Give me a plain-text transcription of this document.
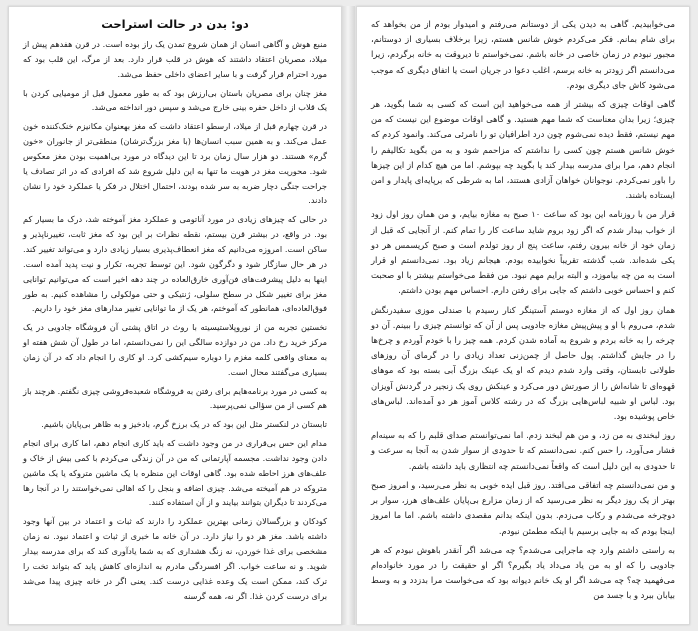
دو: بدن در حالت استراحت

منبع هوش و آگاهی انسان از همان شروع تمدن یک راز بوده است. در قرن هفدهم پیش از میلاد، مصریان اعتقاد داشتند که هوش در قلب قرار دارد. بعد از مرگ، این قلب بود که مورد احترام قرار گرفت و با سایر اعضای داخلی حفظ می‌شد.

مغز چنان برای مصریان باستان بی‌ارزش بود که به طور معمول قبل از مومیایی کردن با یک قلاب از داخل حفره بینی خارج می‌شد و سپس دور انداخته می‌شد.

در قرن چهارم قبل از میلاد، ارسطو اعتقاد داشت که مغز بهعنوان مکانیزم خنک‌کننده خون عمل می‌کند. و به همین سبب انسان‌ها (با مغز بزرگ‌ترشان) منطقی‌تر از جانوران «خون گرم» هستند. دو هزار سال زمان برد تا این دیدگاه در مورد بی‌اهمیت بودن مغز معکوس شود. محوریت مغز در هویت ما تنها به این دلیل شروع شد که افرادی که در اثر تصادف یا جراحت جنگی دچار ضربه به سر شده بودند، احتمال اختلال در فکر یا عملکرد خود را نشان دادند.

در حالی که چیزهای زیادی در مورد آناتومی و عملکرد مغز آموخته شد، درک ما بسیار کم بود. در واقع، در بیشتر قرن بیستم، نقطه نظرات بر این بود که مغز ثابت، تغییرناپذیر و ساکن است. امروزه می‌دانیم که مغز انعطاف‌پذیری بسیار زیادی دارد و می‌تواند تغییر کند. در هر حال سازگار شود و دگرگون شود. این توسط تجربه، تکرار و نیت پدید آمده است. اینها به دلیل پیشرفت‌های فن‌آوری خارق‌العاده در چند دهه اخیر است که می‌توانیم توانایی مغز برای تغییر شکل در سطح سلولی، ژنتیکی و حتی مولکولی را مشاهده کنیم. به طور فوق‌العاده‌ای، همانطور که آموختم، هر یک از ما توانایی تغییر مدارهای مغز خود را داریم.

نخستین تجربه من از نوروپلاستیسیته با روث در اتاق پشتی آن فروشگاه جادویی در یک مرکز خرید رخ داد. من در دوازده سالگی این را نمی‌دانستم، اما در طول آن شش هفته او به معنای واقعی کلمه مغزم را دوباره سیم‌کشی کرد. او کاری را انجام داد که در آن زمان بسیاری می‌گفتند محال است.

به کسی در مورد برنامه‌هایم برای رفتن به فروشگاه شعبده‌فروشی چیزی نگفتم. هرچند باز هم کسی از من سؤالی نمی‌پرسید.

تابستان در لنکستر مثل این بود که در یک برزخ گرم، بادخیز و به ظاهر بی‌پایان باشیم.

مدام این حس بی‌قراری در من وجود داشت که باید کاری انجام دهم، اما کاری برای انجام دادن وجود نداشت. مجسمه آپارتمانی که من در آن زندگی می‌کردم با کمی بیش از خاک و علف‌های هرز احاطه شده بود. گاهی اوقات این منظره با یک ماشین متروکه یا یک ماشین متروکه در هم آمیخته می‌شد. چیزی اضافه و بنجل را که اهالی نمی‌خواستند را در آنجا رها می‌کردند تا دیگران بتوانند بیایند و از آن استفاده کنند.

کودکان و بزرگسالان زمانی بهترین عملکرد را دارند که ثبات و اعتماد در بین آنها وجود داشته باشد. مغز هر دو را نیاز دارد. در آن خانه ما خبری از ثبات و اعتماد نبود. نه زمان مشخصی برای غذا خوردن، نه زنگ هشداری که به شما یادآوری کند که برای مدرسه بیدار شوید. و نه ساعت خواب. اگر افسردگی مادرم به اندازه‌ای کاهش یابد که بتواند تخت را ترک کند، ممکن است یک وعده غذایی درست کند. یعنی اگر در خانه چیزی پیدا می‌شد برای درست کردن غذا. اگر نه، همه گرسنه

می‌خوابیدیم. گاهی به دیدن یکی از دوستانم می‌رفتم و امیدوار بودم از من بخواهد که برای شام بمانم. فکر می‌کردم خوش شانس هستم، زیرا برخلاف بسیاری از دوستانم، مجبور نبودم در زمان خاصی در خانه باشم. نمی‌خواستم تا دیروقت به خانه برگردم، زیرا می‌دانستم اگر زودتر به خانه برسم، اغلب دعوا در جریان است یا اتفاق دیگری که موجب می‌شود کاش جای دیگری بودم.

گاهی اوقات چیزی که بیشتر از همه می‌خواهید این است که کسی به شما بگوید، هر چیزی؛ زیرا بدان معناست که شما مهم هستید. و گاهی اوقات موضوع این نیست که من مهم نیستم، فقط دیده نمی‌شوم چون درد اطرافیان تو را نامرئی می‌کند. وانمود کردم که خوش شانس هستم چون کسی را نداشتم که مزاحمم شود و به من بگوید تکالیفم را انجام دهم، مرا برای مدرسه بیدار کند یا بگوید چه بپوشم. اما من هیچ کدام از این چیزها را باور نمی‌کردم. نوجوانان خواهان آزادی هستند، اما به شرطی که برپایه‌ای پایدار و امن ایستاده باشند.

قرار من با روزنامه این بود که ساعت ۱۰ صبح به مغازه بیایم، و من همان روز اول زود از خواب بیدار شدم که اگر زود بروم شاید ساعت کار را تمام کنم. از آنجایی که قبل از زمان خود از خانه بیرون رفتم، ساعت پنج از روز تولدم است و صبح کریسمس هر دو یکی شده‌اند. شب گذشته تقریباً نخوابیده بودم. هیجانم زیاد بود. نمی‌دانستم او قرار است به من چه بیاموزد، و البته برایم مهم نبود. من فقط می‌خواستم بیشتر با او صحبت کنم و احساس خوبی داشتم که جایی برای رفتن دارم. احساس مهم بودن داشتم.

همان روز اول که از مغازه دوستم آستینگر کنار رسیدم با صندلی موزی سفیدرنگش شدم، می‌روم با او و پیش‌پیش مغازه جادویی پس از آن که توانستم چیزی را ببینم. آن دو چرخه را به خانه بردم و شروع به آماده شدن کردم. همه چیز را با خودم آوردم و چرخ‌ها را در جایش گذاشتم. پول حاصل از چمن‌زنی تعداد زیادی را در گرمای آن روزهای طولانی تابستان، وقتی وارد شدم دیدم که او یک عینک بزرگ آبی بسته بود که موهای قهوه‌ای تا شانه‌اش را از صورتش دور می‌کرد و عینکش روی یک زنجیر در گردنش آویزان بود. لباس او شبیه لباس‌هایی بزرگ که در رشته کلاس آموز هر دو آمده‌اند. لباس‌های خاص پوشیده بود.

روز لبخندی به من زد، و من هم لبخند زدم. اما نمی‌توانستم صدای قلبم را که به سینه‌ام فشار می‌آورد، را حس کنم. نمی‌دانستم که تا حدودی از سوار شدن به آنجا به سرعت و تا حدودی به این دلیل است که واقعاً نمی‌دانستم چه انتظاری باید داشته باشم.

و من نمی‌دانستم چه اتفاقی می‌افتد. روز قبل ایده خوبی به نظر می‌رسید، و امروز صبح بهتر از یک روز دیگر به نظر می‌رسید که از زمان مزارع بی‌پایان علف‌های هرز، سوار بر دوچرخه می‌شدم و رکاب می‌زدم. بدون اینکه بدانم مقصدی داشته باشم. اما ما امروز اینجا بودم که به جایی برسیم با اینکه مطمئن نبودم.

به راستی داشتم وارد چه ماجرایی می‌شدم؟ چه می‌شد اگر آنقدر باهوش نبودم که هر جادویی را که او به من یاد می‌داد یاد بگیرم؟ اگر او حقیقت را در مورد خانواده‌ام می‌فهمید چه؟ چه می‌شد اگر او یک خانم دیوانه بود که می‌خواست مرا بدزدد و به وسط بیابان ببرد و با جسد من
